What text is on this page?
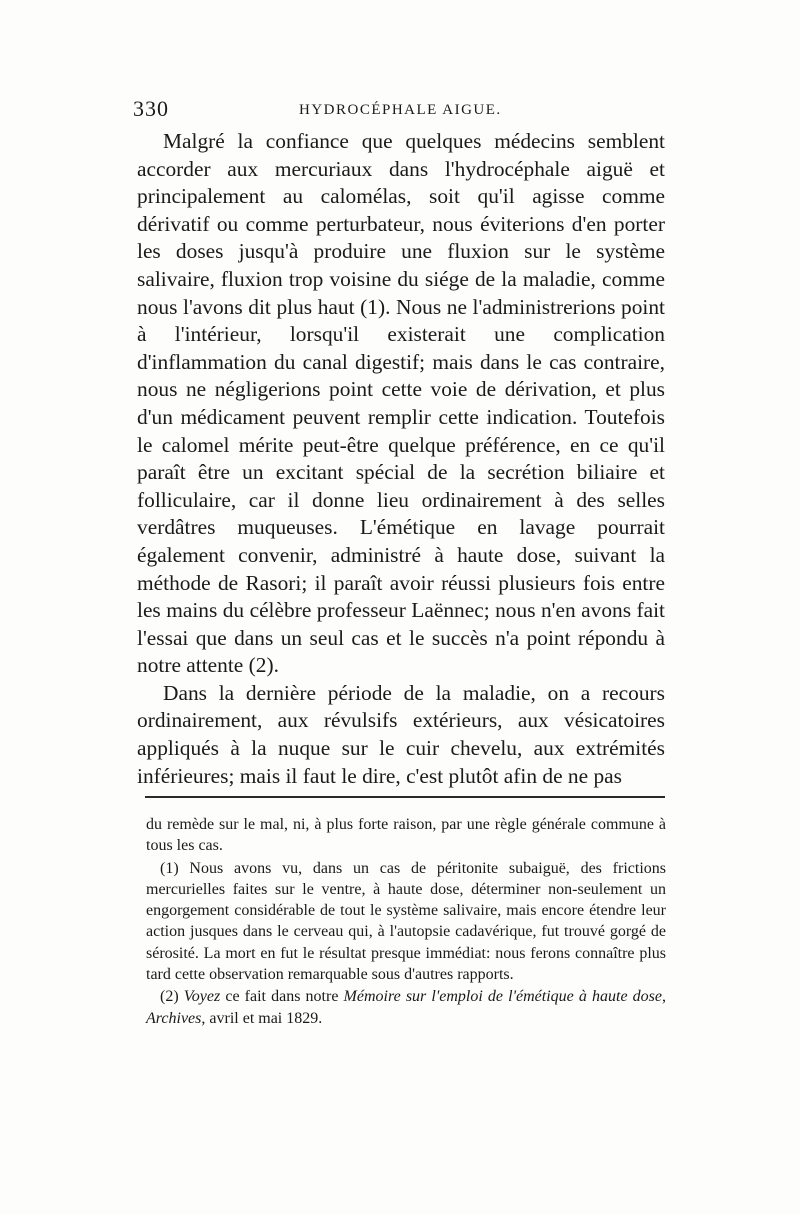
330	HYDROCÉPHALE AIGUE.

Malgré la confiance que quelques médecins semblent accorder aux mercuriaux dans l'hydrocéphale aiguë et principalement au calomélas, soit qu'il agisse comme dérivatif ou comme perturbateur, nous éviterions d'en porter les doses jusqu'à produire une fluxion sur le système salivaire, fluxion trop voisine du siége de la maladie, comme nous l'avons dit plus haut (1). Nous ne l'administrerions point à l'intérieur, lorsqu'il existerait une complication d'inflammation du canal digestif; mais dans le cas contraire, nous ne négligerions point cette voie de dérivation, et plus d'un médicament peuvent remplir cette indication. Toutefois le calomel mérite peut-être quelque préférence, en ce qu'il paraît être un excitant spécial de la secrétion biliaire et folliculaire, car il donne lieu ordinairement à des selles verdâtres muqueuses. L'émétique en lavage pourrait également convenir, administré à haute dose, suivant la méthode de Rasori; il paraît avoir réussi plusieurs fois entre les mains du célèbre professeur Laënnec; nous n'en avons fait l'essai que dans un seul cas et le succès n'a point répondu à notre attente (2).

Dans la dernière période de la maladie, on a recours ordinairement, aux révulsifs extérieurs, aux vésicatoires appliqués à la nuque sur le cuir chevelu, aux extrémités inférieures; mais il faut le dire, c'est plutôt afin de ne pas

du remède sur le mal, ni, à plus forte raison, par une règle générale commune à tous les cas.

(1) Nous avons vu, dans un cas de péritonite subaiguë, des frictions mercurielles faites sur le ventre, à haute dose, déterminer non-seulement un engorgement considérable de tout le système salivaire, mais encore étendre leur action jusques dans le cerveau qui, à l'autopsie cadavérique, fut trouvé gorgé de sérosité. La mort en fut le résultat presque immédiat: nous ferons connaître plus tard cette observation remarquable sous d'autres rapports.

(2) Voyez ce fait dans notre Mémoire sur l'emploi de l'émétique à haute dose, Archives, avril et mai 1829.
